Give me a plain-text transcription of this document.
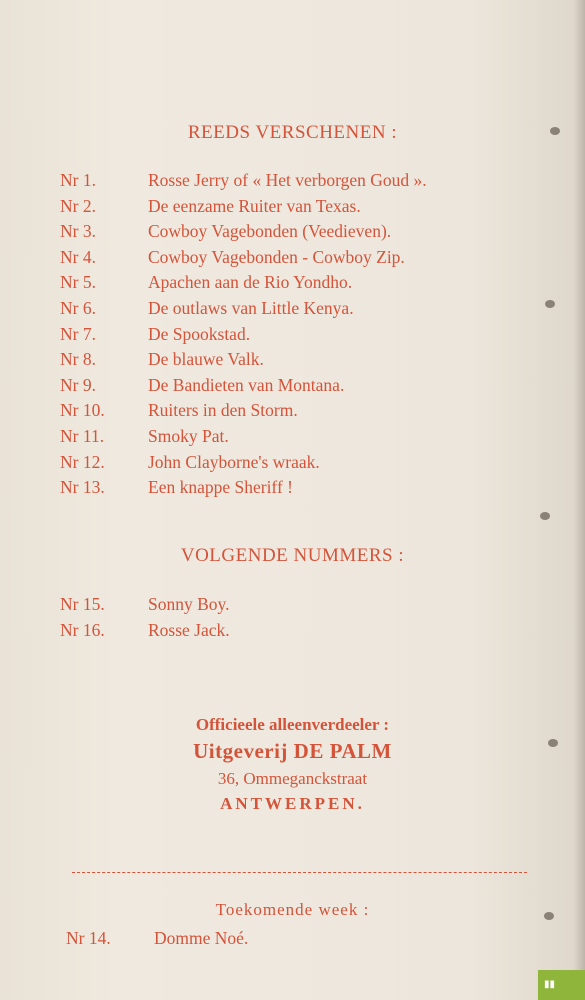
REEDS VERSCHENEN :
Nr 1.	Rosse Jerry of « Het verborgen Goud ».
Nr 2.	De eenzame Ruiter van Texas.
Nr 3.	Cowboy Vagebonden (Veedieven).
Nr 4.	Cowboy Vagebonden - Cowboy Zip.
Nr 5.	Apachen aan de Rio Yondho.
Nr 6.	De outlaws van Little Kenya.
Nr 7.	De Spookstad.
Nr 8.	De blauwe Valk.
Nr 9.	De Bandieten van Montana.
Nr 10.	Ruiters in den Storm.
Nr 11.	Smoky Pat.
Nr 12.	John Clayborne's wraak.
Nr 13.	Een knappe Sheriff !
VOLGENDE NUMMERS :
Nr 15.	Sonny Boy.
Nr 16.	Rosse Jack.
Officieele alleenverdeeler :
Uitgeverij DE PALM
36, Ommeganckstraat
ANTWERPEN.
Toekomende week :
Nr 14. Domme Noé.
▮▮
